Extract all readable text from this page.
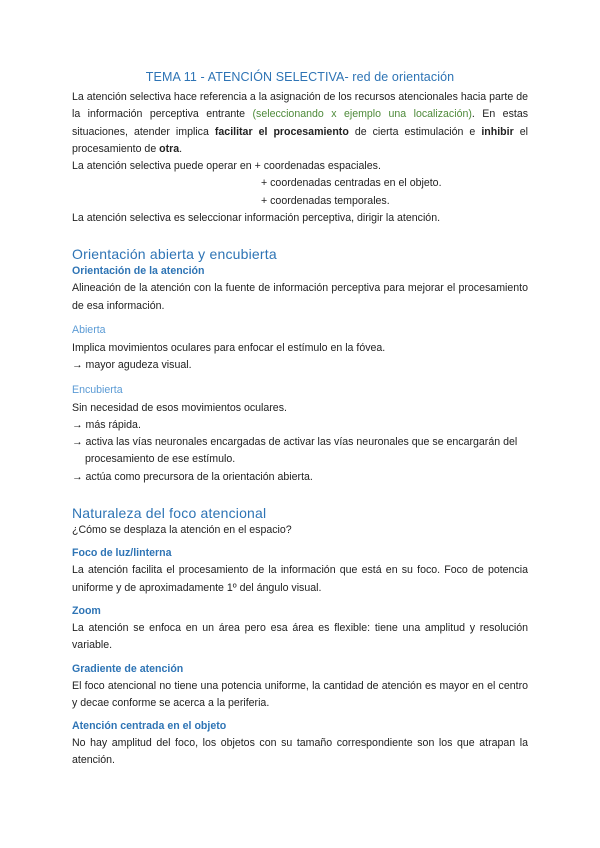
TEMA 11 - ATENCIÓN SELECTIVA- red de orientación

La atención selectiva hace referencia a la asignación de los recursos atencionales hacia parte de la información perceptiva entrante (seleccionando x ejemplo una localización). En estas situaciones, atender implica facilitar el procesamiento de cierta estimulación e inhibir el procesamiento de otra.

La atención selectiva puede operar en + coordenadas espaciales.

+ coordenadas centradas en el objeto.

+ coordenadas temporales.

La atención selectiva es seleccionar información perceptiva, dirigir la atención.

Orientación abierta y encubierta
Orientación de la atención

Alineación de la atención con la fuente de información perceptiva para mejorar el procesamiento de esa información.

Abierta

Implica movimientos oculares para enfocar el estímulo en la fóvea.

→ mayor agudeza visual.

Encubierta

Sin necesidad de esos movimientos oculares.

→ más rápida.

→ activa las vías neuronales encargadas de activar las vías neuronales que se encargarán del procesamiento de ese estímulo.

→ actúa como precursora de la orientación abierta.

Naturaleza del foco atencional

¿Cómo se desplaza la atención en el espacio?

Foco de luz/linterna

La atención facilita el procesamiento de la información que está en su foco. Foco de potencia uniforme y de aproximadamente 1º del ángulo visual.

Zoom

La atención se enfoca en un área pero esa área es flexible: tiene una amplitud y resolución variable.

Gradiente de atención

El foco atencional no tiene una potencia uniforme, la cantidad de atención es mayor en el centro y decae conforme se acerca a la periferia.

Atención centrada en el objeto

No hay amplitud del foco, los objetos con su tamaño correspondiente son los que atrapan la atención.
